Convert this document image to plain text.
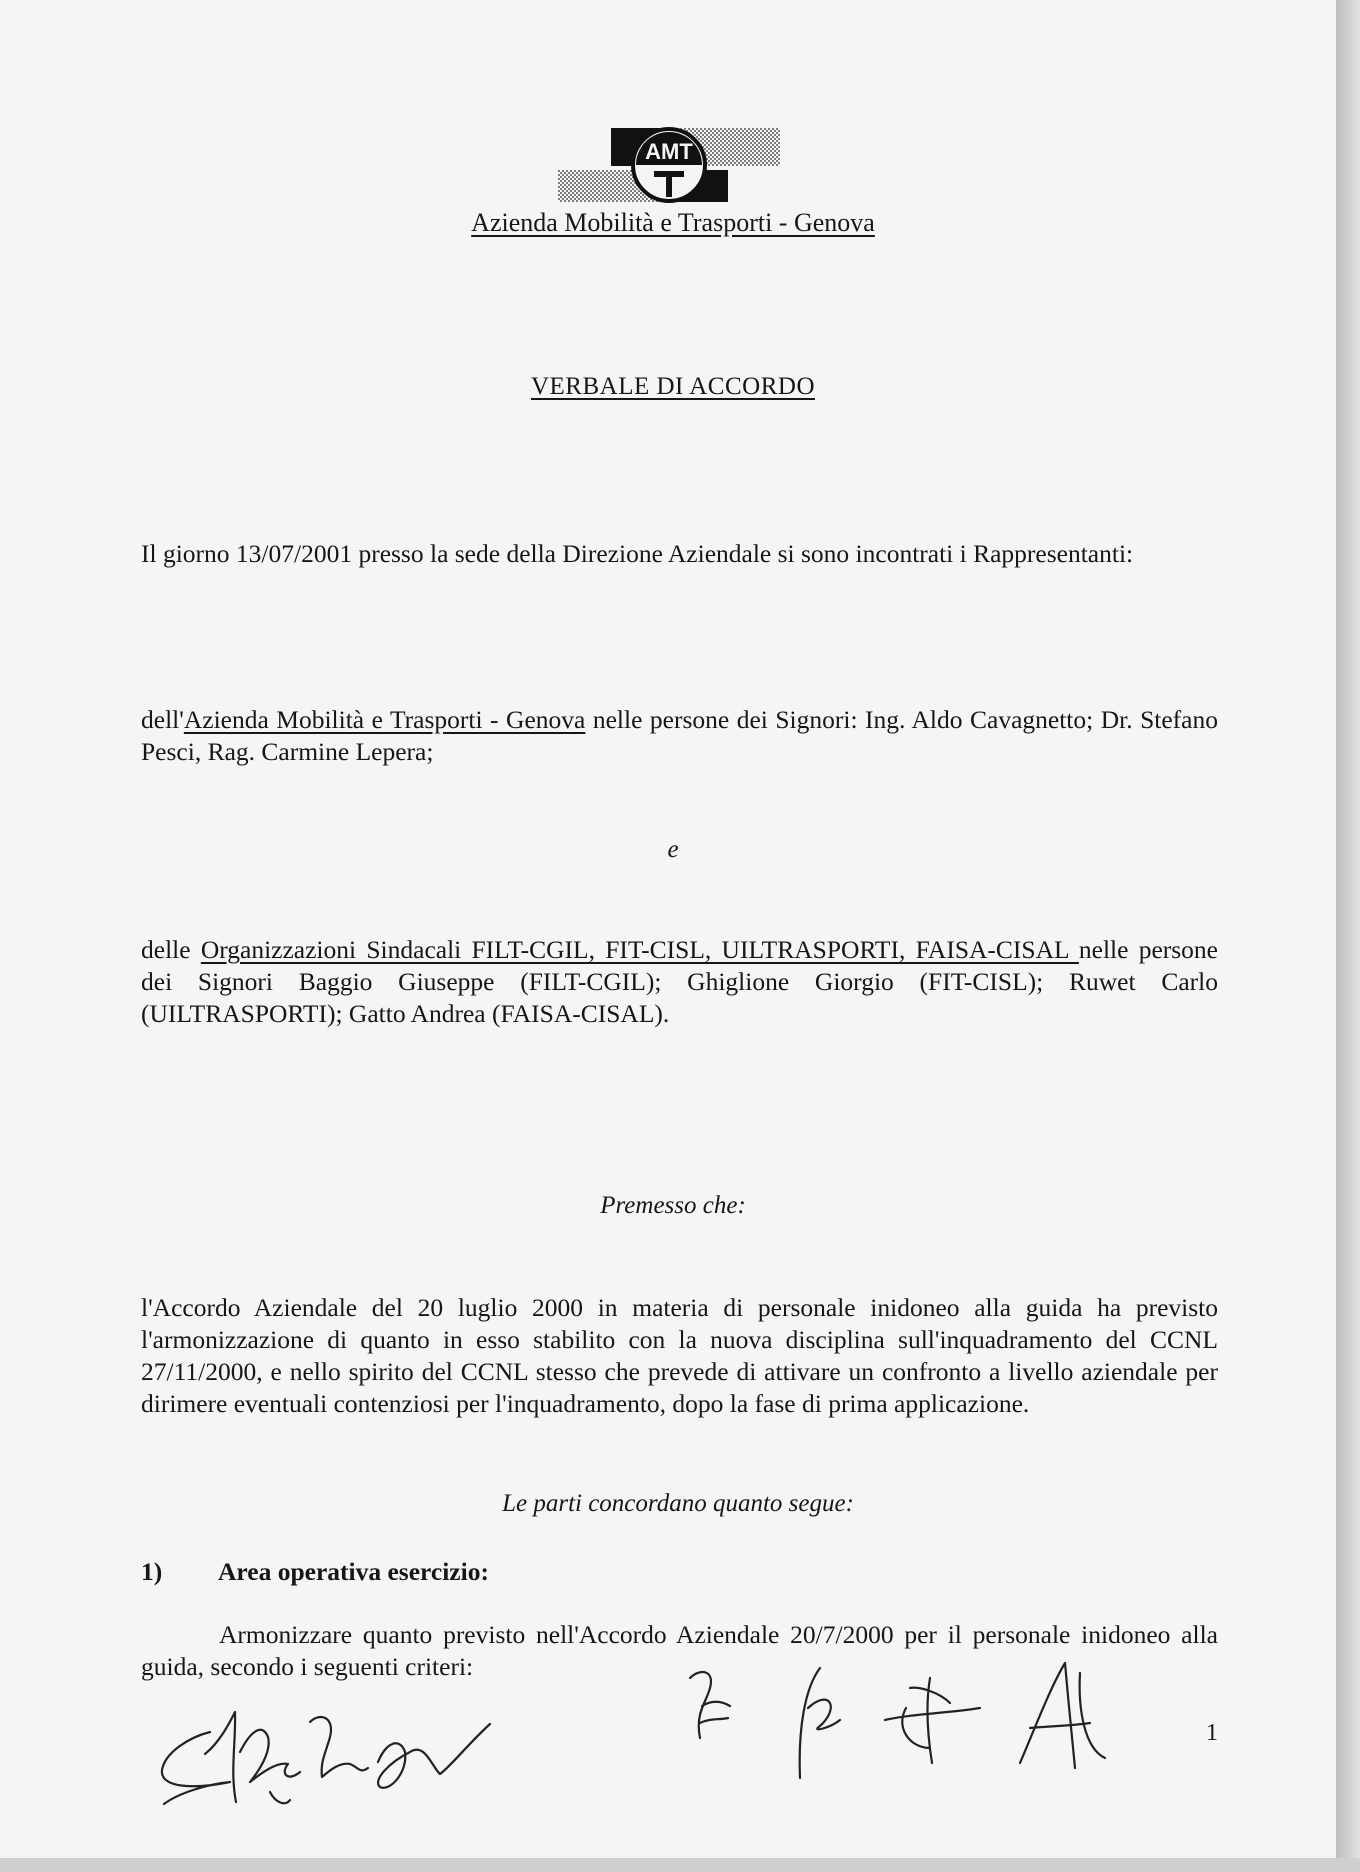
AMT
Azienda Mobilità e Trasporti - Genova
VERBALE DI ACCORDO
Il giorno 13/07/2001 presso la sede della Direzione Aziendale si sono incontrati i Rappresentanti:
dell'Azienda Mobilità e Trasporti - Genova nelle persone dei Signori: Ing. Aldo Cavagnetto; Dr. Stefano Pesci, Rag. Carmine Lepera;
e
delle Organizzazioni Sindacali FILT-CGIL, FIT-CISL, UILTRASPORTI, FAISA-CISAL nelle persone dei Signori Baggio Giuseppe (FILT-CGIL); Ghiglione Giorgio (FIT-CISL); Ruwet Carlo (UILTRASPORTI); Gatto Andrea (FAISA-CISAL).
Premesso che:
l'Accordo Aziendale del 20 luglio 2000 in materia di personale inidoneo alla guida ha previsto l'armonizzazione di quanto in esso stabilito con la nuova disciplina sull'inquadramento del CCNL 27/11/2000, e nello spirito del CCNL stesso che prevede di attivare un confronto a livello aziendale per dirimere eventuali contenziosi per l'inquadramento, dopo la fase di prima applicazione.
Le parti concordano quanto segue:
1) Area operativa esercizio:
Armonizzare quanto previsto nell'Accordo Aziendale 20/7/2000 per il personale inidoneo alla guida, secondo i seguenti criteri:
1
